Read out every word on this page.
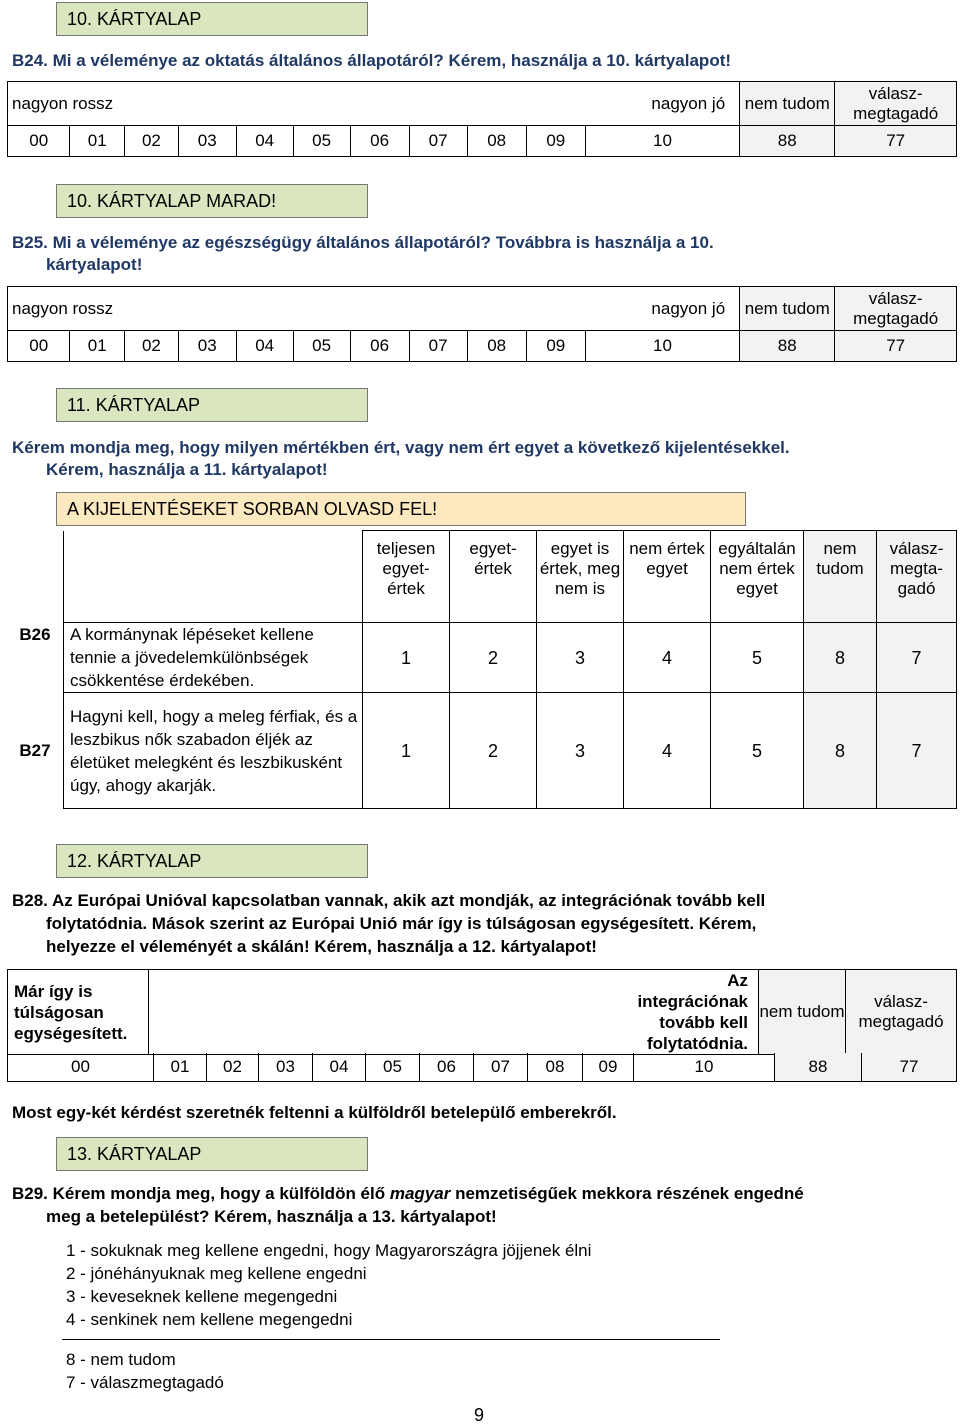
10. KÁRTYALAP
B24. Mi a véleménye az oktatás általános állapotáról? Kérem, használja a 10. kártyalapot!
nagyon rossz nagyon jó											nem tudom	válasz- megtagadó
00	01	02	03	04	05	06	07	08	09	10	88	77
10. KÁRTYALAP MARAD!
B25. Mi a véleménye az egészségügy általános állapotáról? Továbbra is használja a 10.
kártyalapot!
nagyon rossz nagyon jó											nem tudom	válasz- megtagadó
00	01	02	03	04	05	06	07	08	09	10	88	77
11. KÁRTYALAP
Kérem mondja meg, hogy milyen mértékben ért, vagy nem ért egyet a következő kijelentésekkel.
Kérem, használja a 11. kártyalapot!
A KIJELENTÉSEKET SORBAN OLVASD FEL!
		teljesen egyet- értek	egyet- értek	egyet is értek, meg nem is	nem értek egyet	egyáltalán nem értek egyet	nem tudom	válasz- megta- gadó
B26	A kormánynak lépéseket kellene tennie a jövedelemkülönbségek csökkentése érdekében.	1	2	3	4	5	8	7
B27	Hagyni kell, hogy a meleg férfiak, és a leszbikus nők szabadon éljék az életüket melegként és leszbikusként úgy, ahogy akarják.	1	2	3	4	5	8	7
12. KÁRTYALAP
B28. Az Európai Unióval kapcsolatban vannak, akik azt mondják, az integrációnak tovább kell
folytatódnia. Mások szerint az Európai Unió már így is túlságosan egységesített. Kérem,
helyezze el véleményét a skálán! Kérem, használja a 12. kártyalapot!
Már így is túlságosan egységesített.		Az integrációnak tovább kell folytatódnia.	nem tudom	válasz- megtagadó
00	01	02	03	04	05	06	07	08	09	10	88	77
Most egy-két kérdést szeretnék feltenni a külföldről betelepülő emberekről.
13. KÁRTYALAP
B29. Kérem mondja meg, hogy a külföldön élő magyar nemzetiségűek mekkora részének engedné
meg a betelepülést? Kérem, használja a 13. kártyalapot!
1 - sokuknak meg kellene engedni, hogy Magyarországra jöjjenek élni
2 - jónéhányuknak meg kellene engedni
3 - keveseknek kellene megengedni
4 - senkinek nem kellene megengedni
8 - nem tudom
7 - válaszmegtagadó
9
